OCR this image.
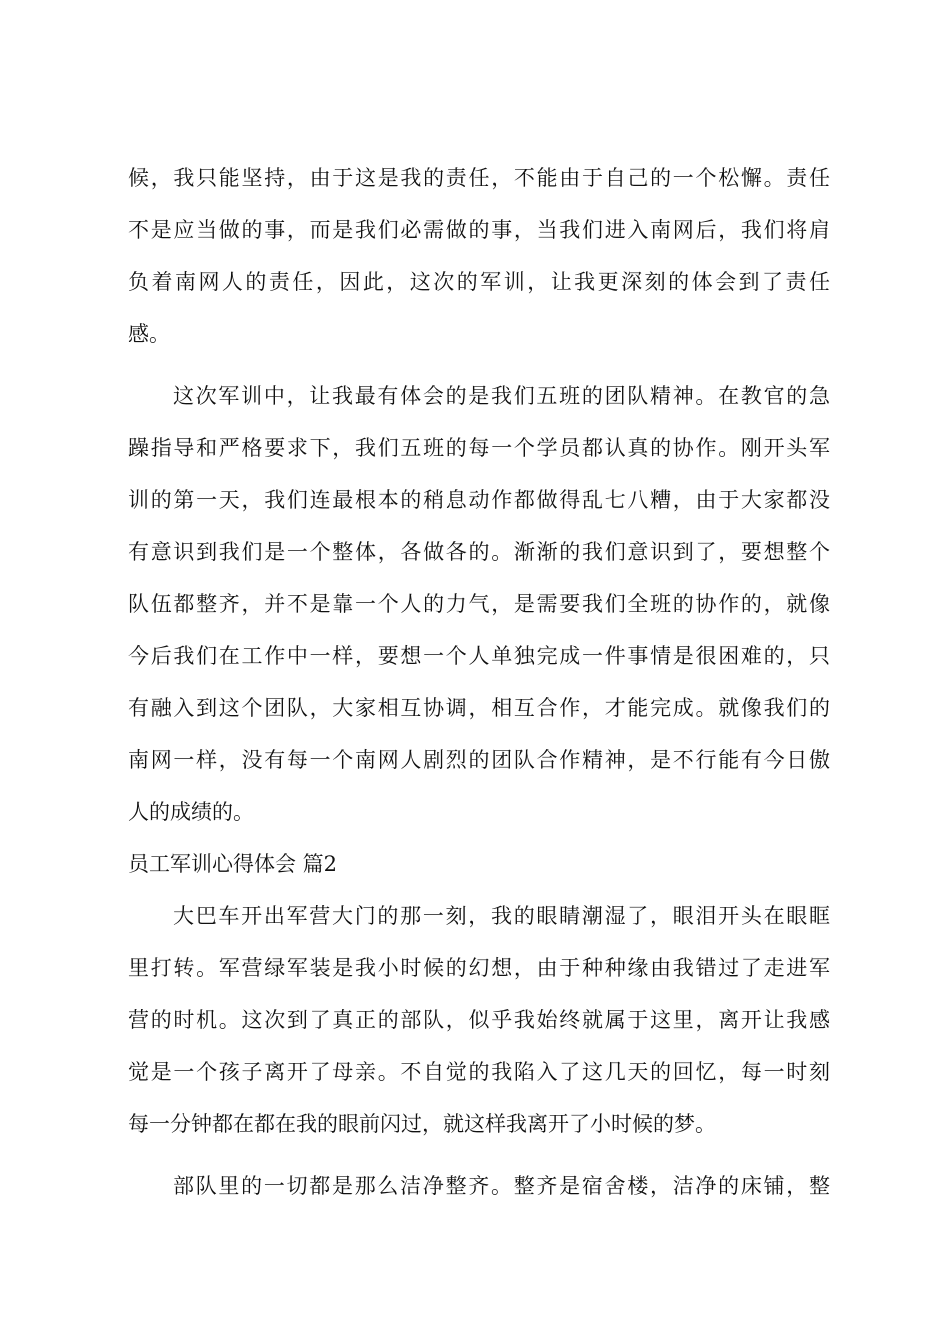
候，我只能坚持，由于这是我的责任，不能由于自己的一个松懈。责任
不是应当做的事，而是我们必需做的事，当我们进入南网后，我们将肩
负着南网人的责任，因此，这次的军训，让我更深刻的体会到了责任
感。
这次军训中，让我最有体会的是我们五班的团队精神。在教官的急
躁指导和严格要求下，我们五班的每一个学员都认真的协作。刚开头军
训的第一天，我们连最根本的稍息动作都做得乱七八糟，由于大家都没
有意识到我们是一个整体，各做各的。渐渐的我们意识到了，要想整个
队伍都整齐，并不是靠一个人的力气，是需要我们全班的协作的，就像
今后我们在工作中一样，要想一个人单独完成一件事情是很困难的，只
有融入到这个团队，大家相互协调，相互合作，才能完成。就像我们的
南网一样，没有每一个南网人剧烈的团队合作精神，是不行能有今日傲
人的成绩的。
员工军训心得体会 篇2
大巴车开出军营大门的那一刻，我的眼睛潮湿了，眼泪开头在眼眶
里打转。军营绿军装是我小时候的幻想，由于种种缘由我错过了走进军
营的时机。这次到了真正的部队，似乎我始终就属于这里，离开让我感
觉是一个孩子离开了母亲。不自觉的我陷入了这几天的回忆，每一时刻
每一分钟都在都在我的眼前闪过，就这样我离开了小时候的梦。
部队里的一切都是那么洁净整齐。整齐是宿舍楼，洁净的床铺，整
